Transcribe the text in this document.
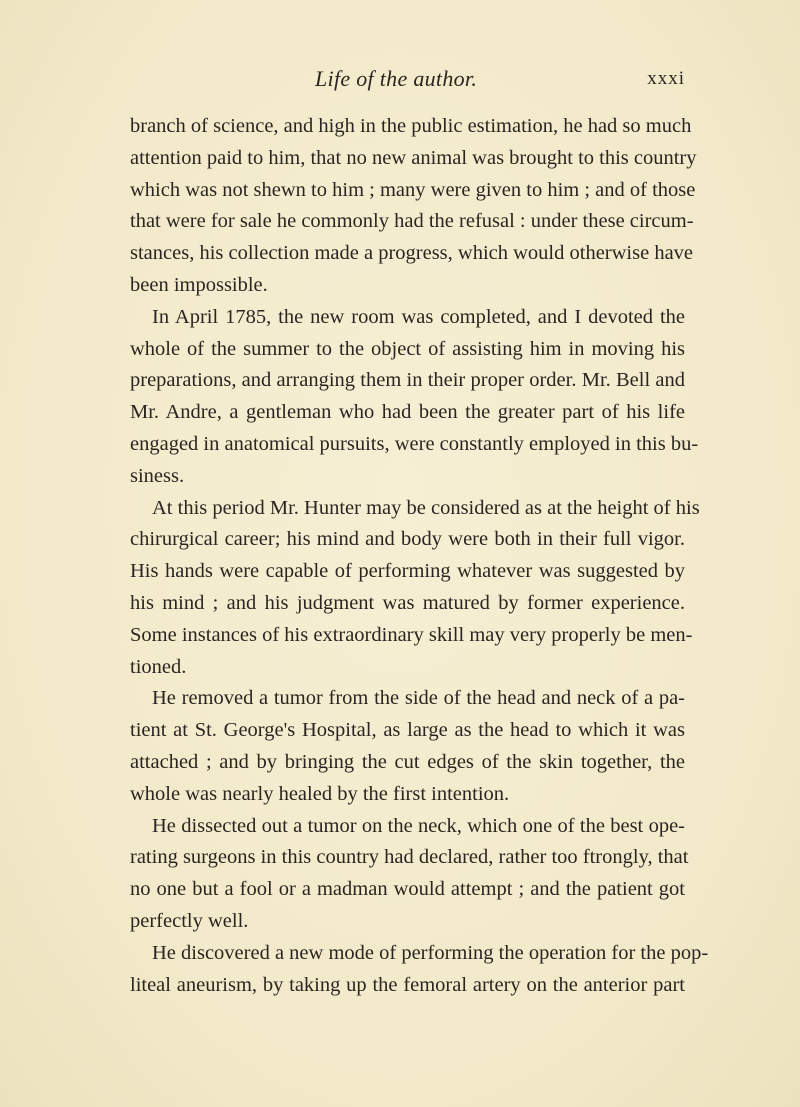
Life of the author.	xxxi
branch of science, and high in the public estimation, he had so much
attention paid to him, that no new animal was brought to this country
which was not shewn to him ; many were given to him ; and of those
that were for sale he commonly had the refusal : under these circum-
stances, his collection made a progress, which would otherwise have
been impossible.
In April 1785, the new room was completed, and I devoted the
whole of the summer to the object of assisting him in moving his
preparations, and arranging them in their proper order. Mr. Bell and
Mr. Andre, a gentleman who had been the greater part of his life
engaged in anatomical pursuits, were constantly employed in this bu-
siness.
At this period Mr. Hunter may be considered as at the height of his
chirurgical career; his mind and body were both in their full vigor.
His hands were capable of performing whatever was suggested by
his mind ; and his judgment was matured by former experience.
Some instances of his extraordinary skill may very properly be men-
tioned.
He removed a tumor from the side of the head and neck of a pa-
tient at St. George's Hospital, as large as the head to which it was
attached ; and by bringing the cut edges of the skin together, the
whole was nearly healed by the first intention.
He dissected out a tumor on the neck, which one of the best ope-
rating surgeons in this country had declared, rather too ftrongly, that
no one but a fool or a madman would attempt ; and the patient got
perfectly well.
He discovered a new mode of performing the operation for the pop-
liteal aneurism, by taking up the femoral artery on the anterior part
